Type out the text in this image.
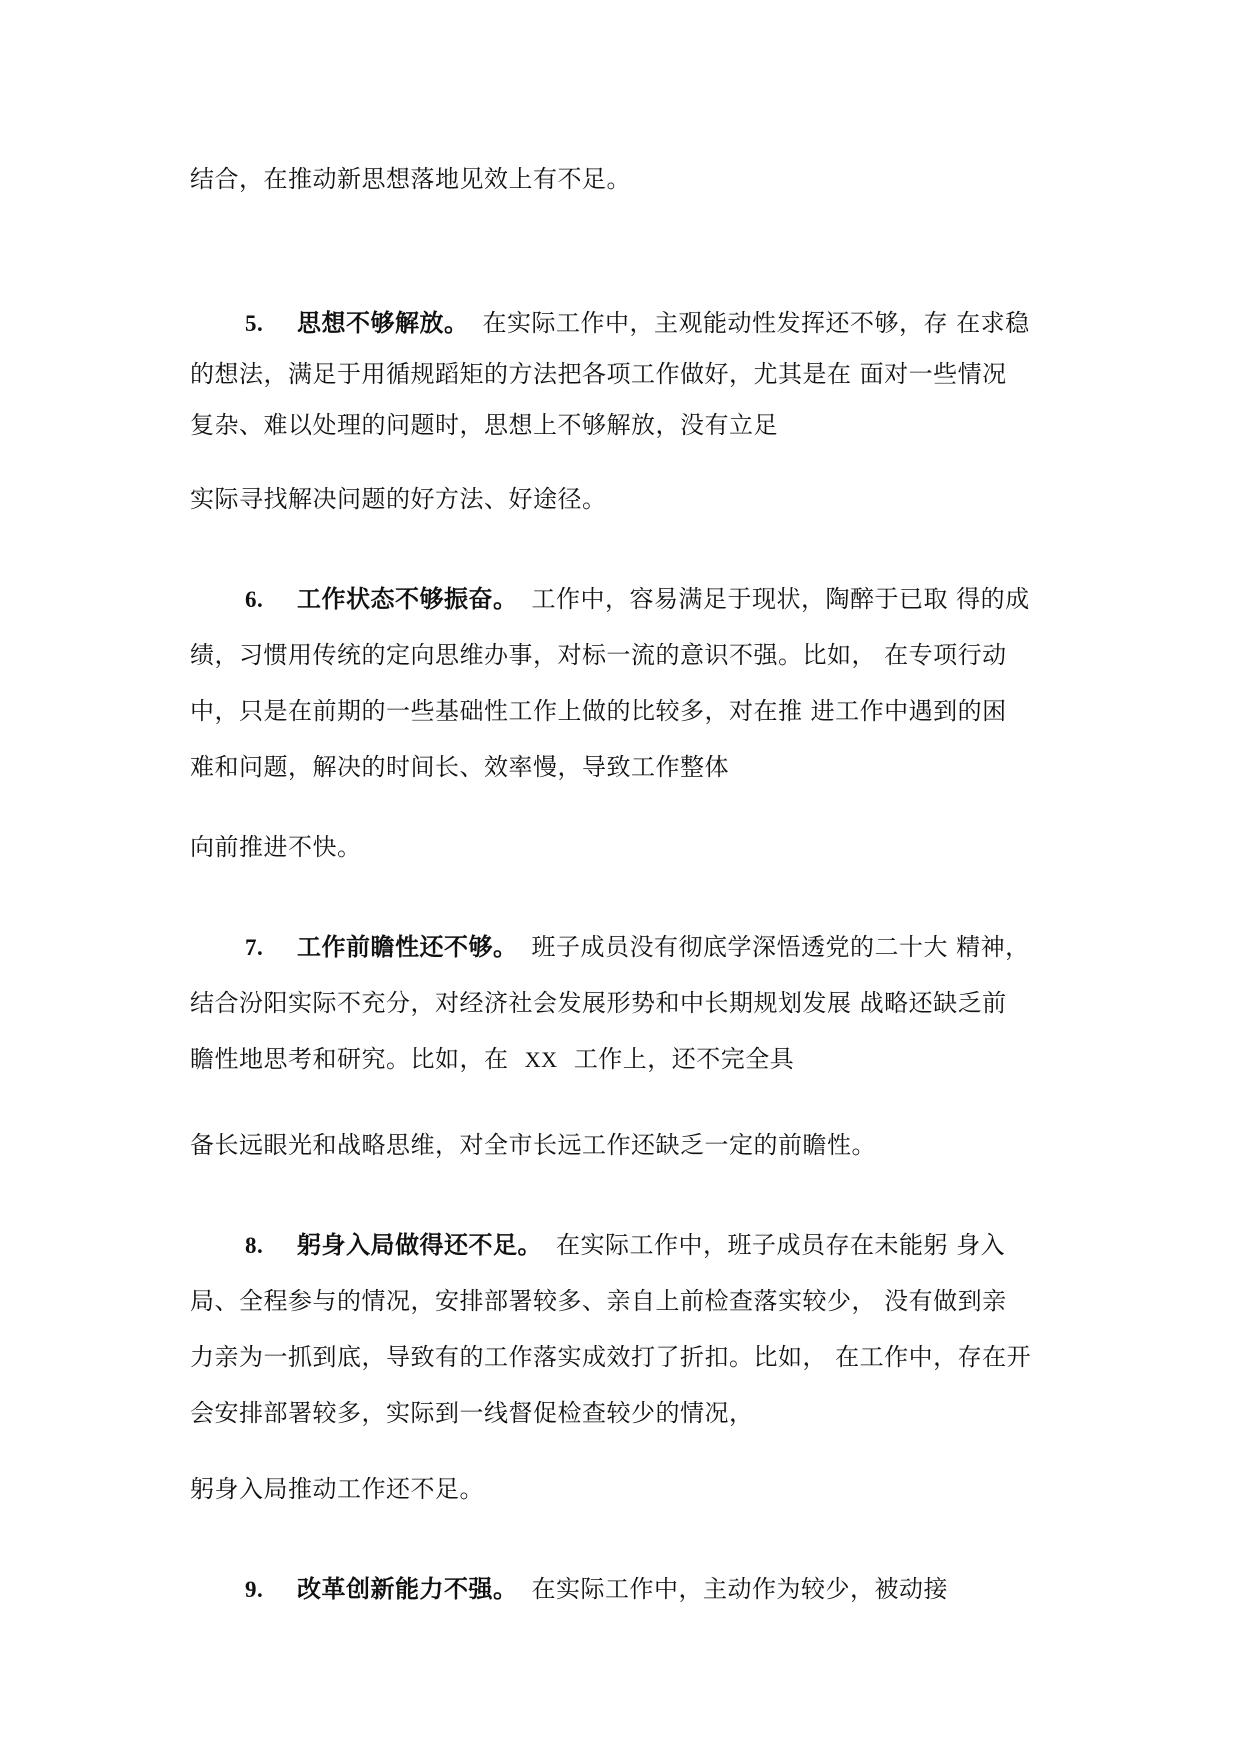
结合，在推动新思想落地见效上有不足。

5. 思想不够解放。 在实际工作中，主观能动性发挥还不够，存 在求稳

的想法，满足于用循规蹈矩的方法把各项工作做好，尤其是在 面对一些情况

复杂、难以处理的问题时，思想上不够解放，没有立足

实际寻找解决问题的好方法、好途径。

6. 工作状态不够振奋。 工作中，容易满足于现状，陶醉于已取 得的成

绩，习惯用传统的定向思维办事，对标一流的意识不强。比如， 在专项行动

中，只是在前期的一些基础性工作上做的比较多，对在推 进工作中遇到的困

难和问题，解决的时间长、效率慢，导致工作整体

向前推进不快。

7. 工作前瞻性还不够。 班子成员没有彻底学深悟透党的二十大 精神，

结合汾阳实际不充分，对经济社会发展形势和中长期规划发展 战略还缺乏前

瞻性地思考和研究。比如，在 XX 工作上，还不完全具

备长远眼光和战略思维，对全市长远工作还缺乏一定的前瞻性。

8. 躬身入局做得还不足。 在实际工作中，班子成员存在未能躬 身入

局、全程参与的情况，安排部署较多、亲自上前检查落实较少， 没有做到亲

力亲为一抓到底，导致有的工作落实成效打了折扣。比如， 在工作中，存在开

会安排部署较多，实际到一线督促检查较少的情况，

躬身入局推动工作还不足。

9. 改革创新能力不强。 在实际工作中，主动作为较少，被动接
